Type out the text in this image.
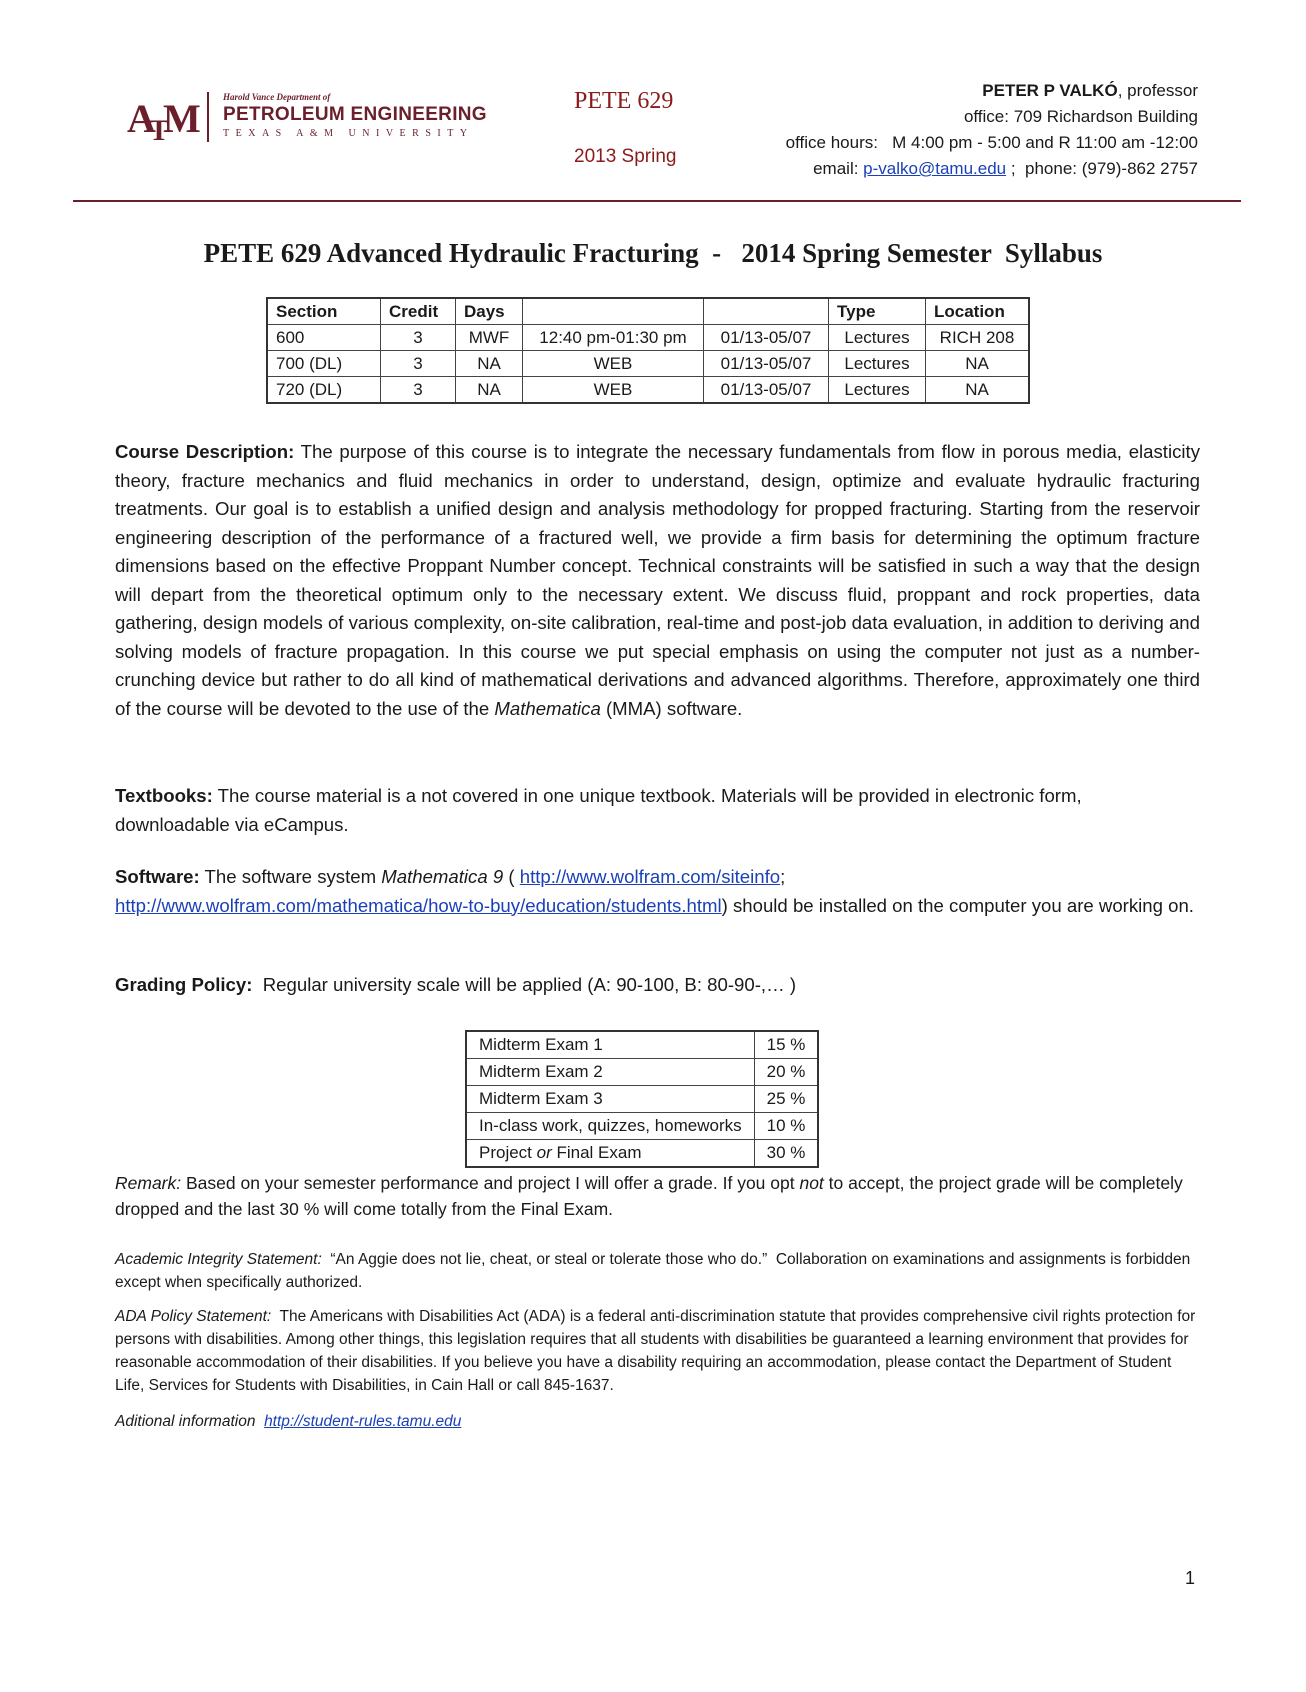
A
T
M Harold Vance Department of
PETROLEUM ENGINEERING
TEXAS A&M UNIVERSITY
PETE 629
2013 Spring
PETER P VALKÓ, professor
office: 709 Richardson Building
office hours:   M 4:00 pm - 5:00 and R 11:00 am -12:00
email: p-valko@tamu.edu ;  phone: (979)-862 2757
PETE 629 Advanced Hydraulic Fracturing  -   2014 Spring Semester  Syllabus
Section	Credit	Days			Type	Location
600	3	MWF	12:40 pm-01:30 pm	01/13-05/07	Lectures	RICH 208
700 (DL)	3	NA	WEB	01/13-05/07	Lectures	NA
720 (DL)	3	NA	WEB	01/13-05/07	Lectures	NA
Course Description: The purpose of this course is to integrate the necessary fundamentals from flow in porous media, elasticity theory, fracture mechanics and fluid mechanics in order to understand, design, optimize and evaluate hydraulic fracturing treatments. Our goal is to establish a unified design and analysis methodology for propped fracturing. Starting from the reservoir engineering description of the performance of a fractured well, we provide a firm basis for determining the optimum fracture dimensions based on the effective Proppant Number concept. Technical constraints will be satisfied in such a way that the design will depart from the theoretical optimum only to the necessary extent. We discuss fluid, proppant and rock properties, data gathering, design models of various complexity, on-site calibration, real-time and post-job data evaluation, in addition to deriving and solving models of fracture propagation. In this course we put special emphasis on using the computer not just as a number-crunching device but rather to do all kind of mathematical derivations and advanced algorithms. Therefore, approximately one third of the course will be devoted to the use of the Mathematica (MMA) software.
Textbooks: The course material is a not covered in one unique textbook. Materials will be provided in electronic form, downloadable via eCampus.
Software: The software system Mathematica 9 ( http://www.wolfram.com/siteinfo;
http://www.wolfram.com/mathematica/how-to-buy/education/students.html) should be installed on the computer you are working on.
Grading Policy:  Regular university scale will be applied (A: 90-100, B: 80-90-,… )
Midterm Exam 1	15 %
Midterm Exam 2	20 %
Midterm Exam 3	25 %
In-class work, quizzes, homeworks	10 %
Project or Final Exam	30 %
Remark: Based on your semester performance and project I will offer a grade. If you opt not to accept, the project grade will be completely dropped and the last 30 % will come totally from the Final Exam.
Academic Integrity Statement:  “An Aggie does not lie, cheat, or steal or tolerate those who do.”  Collaboration on examinations and assignments is forbidden except when specifically authorized.
ADA Policy Statement:  The Americans with Disabilities Act (ADA) is a federal anti-discrimination statute that provides comprehensive civil rights protection for persons with disabilities. Among other things, this legislation requires that all students with disabilities be guaranteed a learning environment that provides for reasonable accommodation of their disabilities. If you believe you have a disability requiring an accommodation, please contact the Department of Student Life, Services for Students with Disabilities, in Cain Hall or call 845-1637.
Aditional information  http://student-rules.tamu.edu
1
